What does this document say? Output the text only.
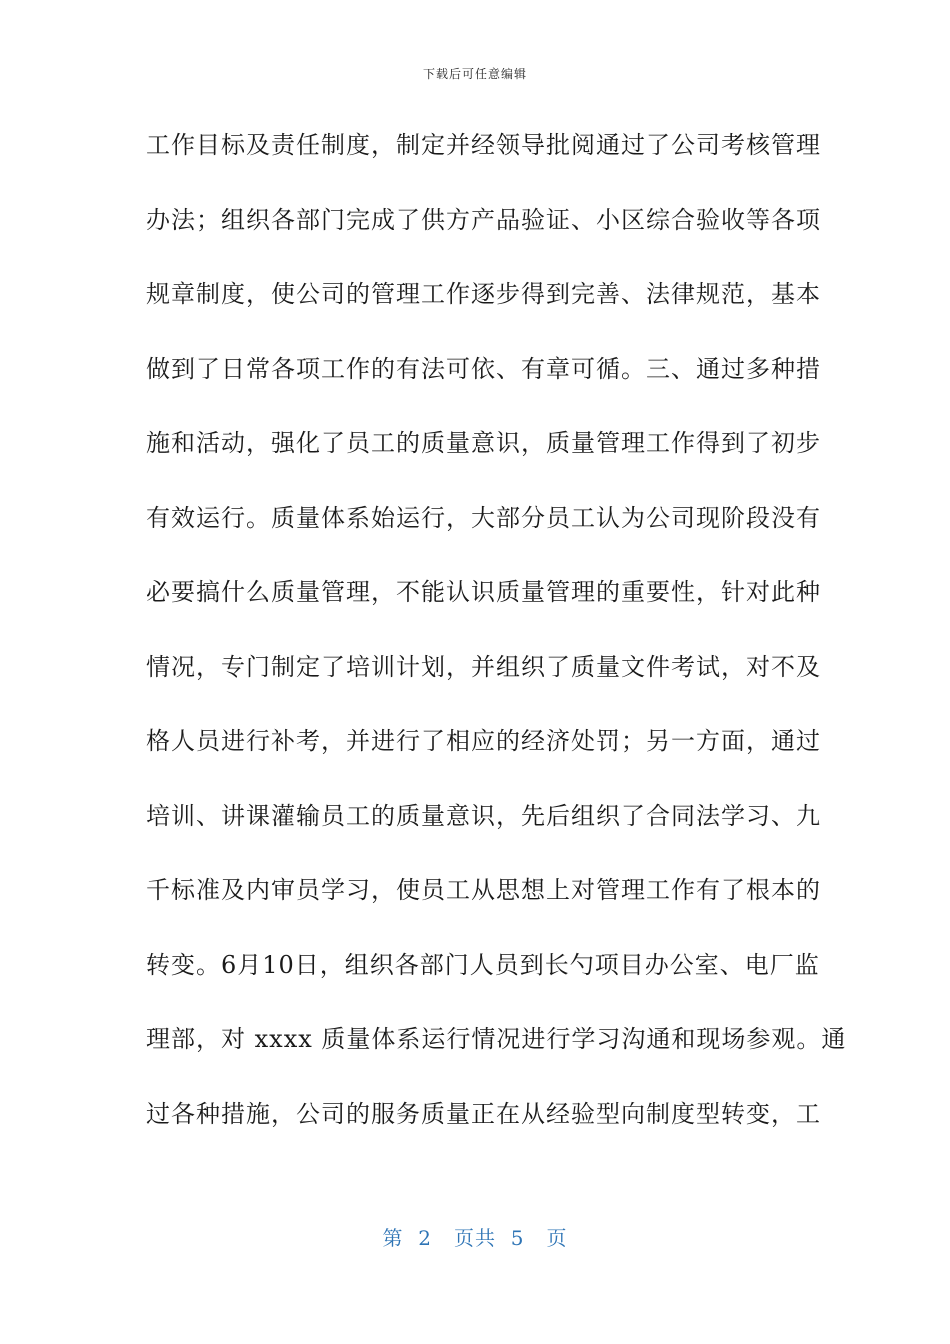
下载后可任意编辑
工作目标及责任制度，制定并经领导批阅通过了公司考核管理
办法；组织各部门完成了供方产品验证、小区综合验收等各项
规章制度，使公司的管理工作逐步得到完善、法律规范，基本
做到了日常各项工作的有法可依、有章可循。三、通过多种措
施和活动，强化了员工的质量意识，质量管理工作得到了初步
有效运行。质量体系始运行，大部分员工认为公司现阶段没有
必要搞什么质量管理，不能认识质量管理的重要性，针对此种
情况，专门制定了培训计划，并组织了质量文件考试，对不及
格人员进行补考，并进行了相应的经济处罚；另一方面，通过
培训、讲课灌输员工的质量意识，先后组织了合同法学习、九
千标准及内审员学习，使员工从思想上对管理工作有了根本的
转变。6月10日，组织各部门人员到长勺项目办公室、电厂监
理部，对 xxxx 质量体系运行情况进行学习沟通和现场参观。通
过各种措施，公司的服务质量正在从经验型向制度型转变，工
第  2   页共  5   页
